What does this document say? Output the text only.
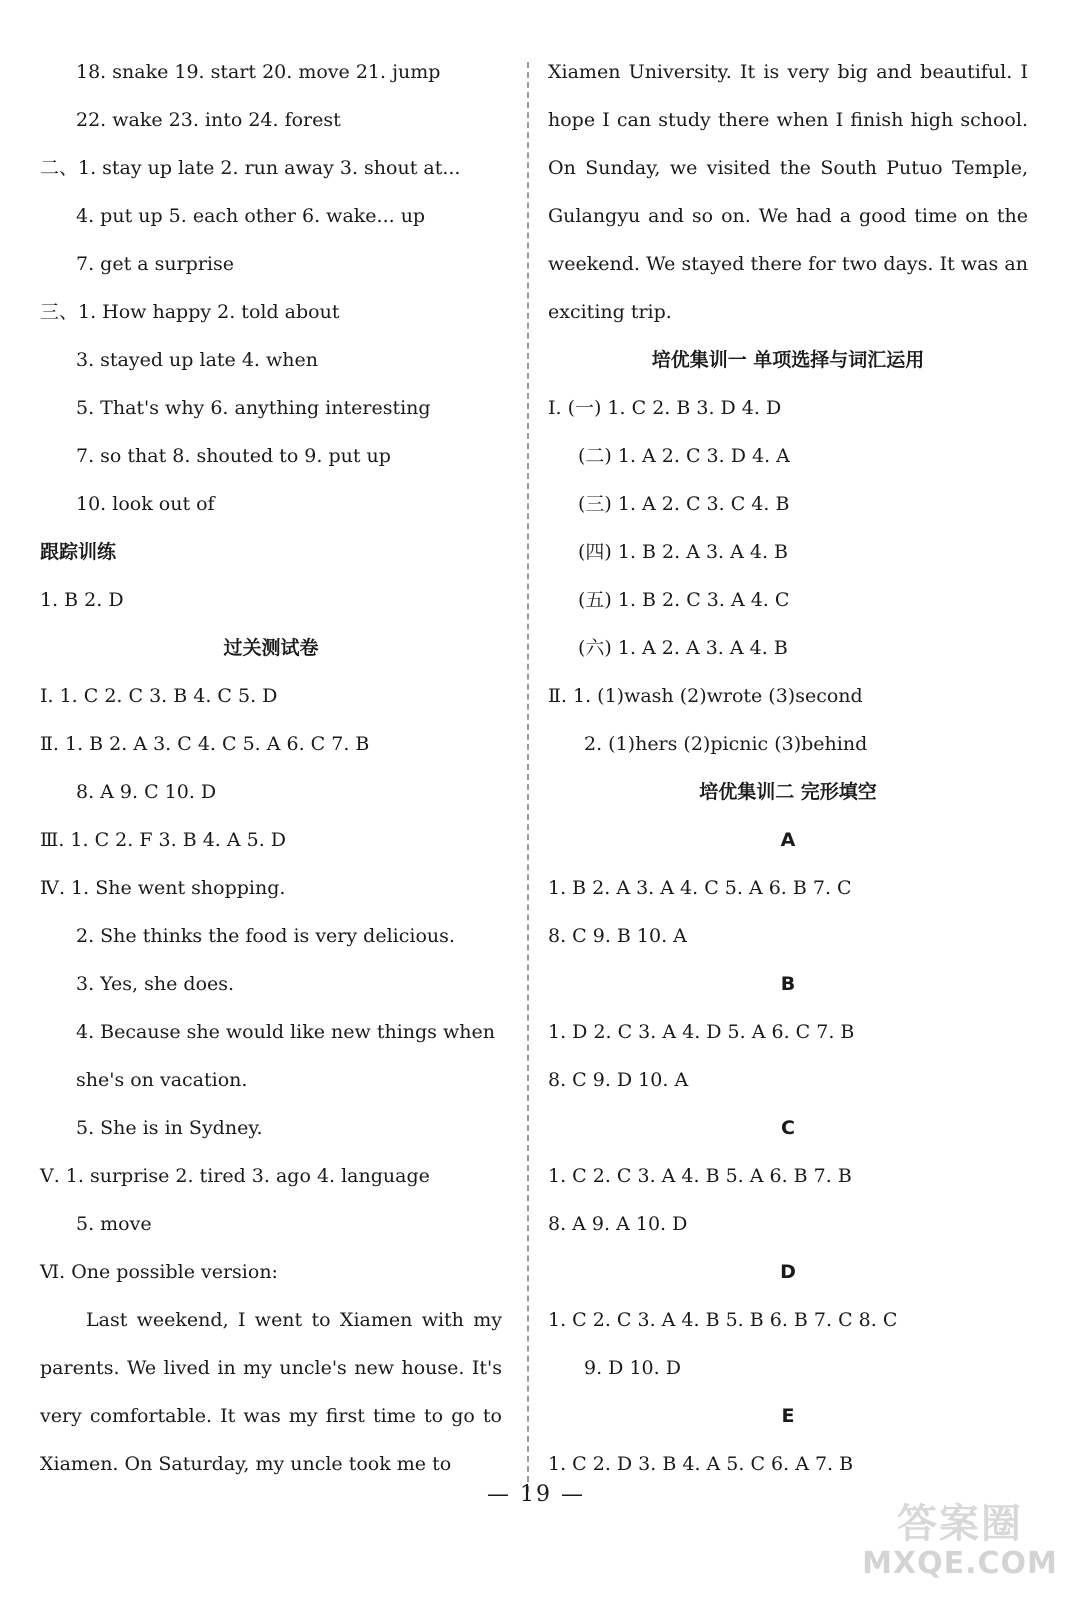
18. snake 19. start 20. move 21. jump
22. wake 23. into 24. forest
二、1. stay up late 2. run away 3. shout at...
4. put up 5. each other 6. wake... up
7. get a surprise
三、1. How happy 2. told about
3. stayed up late 4. when
5. That's why 6. anything interesting
7. so that 8. shouted to 9. put up
10. look out of
跟踪训练
1. B 2. D
过关测试卷
Ⅰ. 1. C 2. C 3. B 4. C 5. D
Ⅱ. 1. B 2. A 3. C 4. C 5. A 6. C 7. B
8. A 9. C 10. D
Ⅲ. 1. C 2. F 3. B 4. A 5. D
Ⅳ. 1. She went shopping.
2. She thinks the food is very delicious.
3. Yes, she does.
4. Because she would like new things when
she's on vacation.
5. She is in Sydney.
Ⅴ. 1. surprise 2. tired 3. ago 4. language
5. move
Ⅵ. One possible version:
Last weekend, I went to Xiamen with my parents. We lived in my uncle's new house. It's very comfortable. It was my first time to go to Xiamen. On Saturday, my uncle took me to
Xiamen University. It is very big and beautiful. I hope I can study there when I finish high school. On Sunday, we visited the South Putuo Temple, Gulangyu and so on. We had a good time on the weekend. We stayed there for two days. It was an exciting trip.
培优集训一 单项选择与词汇运用
Ⅰ. (一) 1. C 2. B 3. D 4. D
(二) 1. A 2. C 3. D 4. A
(三) 1. A 2. C 3. C 4. B
(四) 1. B 2. A 3. A 4. B
(五) 1. B 2. C 3. A 4. C
(六) 1. A 2. A 3. A 4. B
Ⅱ. 1. (1)wash (2)wrote (3)second
2. (1)hers (2)picnic (3)behind
培优集训二 完形填空
A
1. B 2. A 3. A 4. C 5. A 6. B 7. C
8. C 9. B 10. A
B
1. D 2. C 3. A 4. D 5. A 6. C 7. B
8. C 9. D 10. A
C
1. C 2. C 3. A 4. B 5. A 6. B 7. B
8. A 9. A 10. D
D
1. C 2. C 3. A 4. B 5. B 6. B 7. C 8. C
9. D 10. D
E
1. C 2. D 3. B 4. A 5. C 6. A 7. B
— 19 —
答案圈
MXQE.COM
